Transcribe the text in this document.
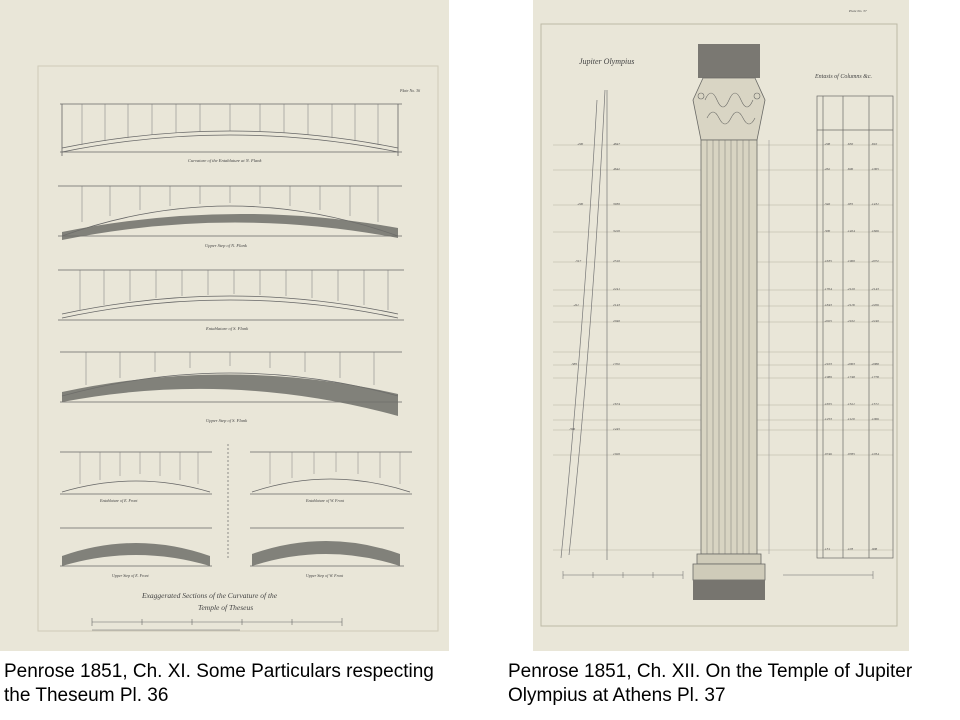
Plate No. 36
Curvature of the Entablature at N. Flank
Upper Step of N. Flank
Entablature of S. Flank
Upper Step of S. Flank
Entablature of E. Front	Entablature of W. Front
Upper Step of E. Front	Upper Step of W. Front
Exaggerated Sections of the Curvature of the
Temple of Theseus
Plate No. 37
4847
4642
3930
3220
2510
2241
2143
2040
1702
1674
1445
1020
.290
.290
.317
.411
.385
.396
.298	.650	.810
.262	.696	.1065
.346	.935	.1431
.300	.1404	.1666
.1635	.1960	.2072
.1704	.2120	.2143
.1843	.2118	.2206
.2025	.2102	.2240
.2103	.2063	.2088
.1989	.1748	.1778
.1655	.1521	.1571
.1253	.1120	.1066
.0746	.0785	.1034
.131	.103	.008
Jupiter Olympius
Entasis of Columns &c.
Penrose 1851, Ch. XI. Some Particulars respecting
the Theseum Pl. 36
Penrose 1851, Ch. XII. On the Temple of Jupiter
Olympius at Athens Pl. 37
